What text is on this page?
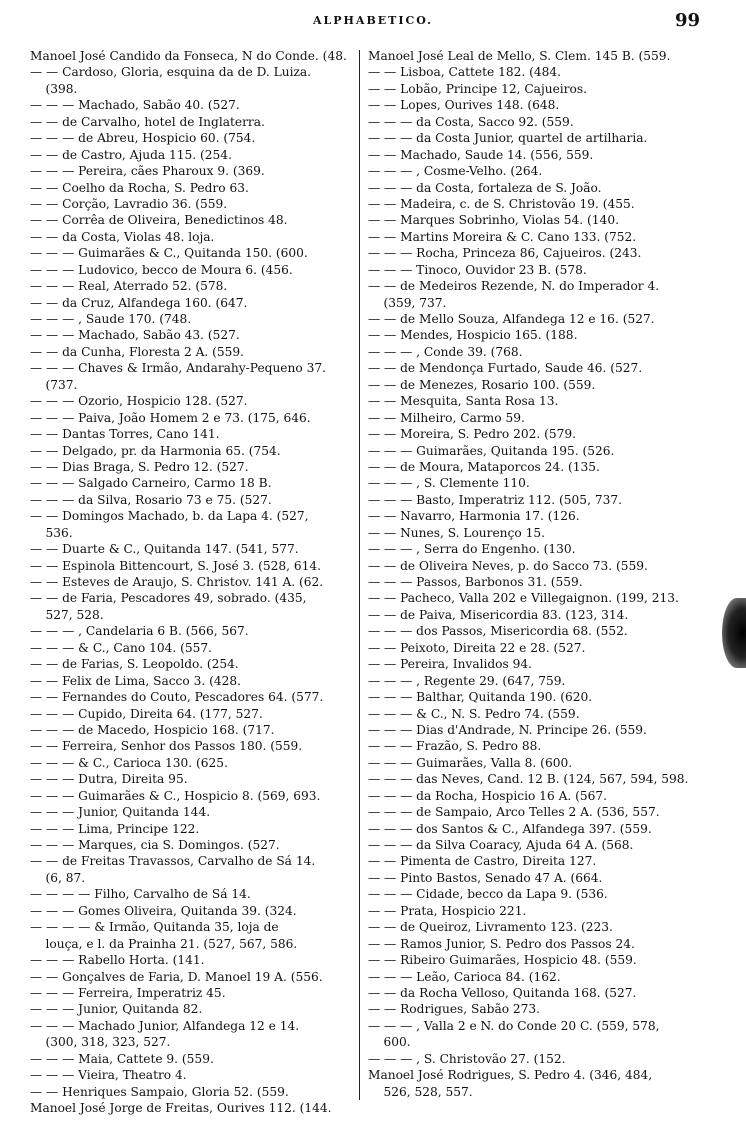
ALPHABETICO.	99
Manoel José Candido da Fonseca, N do Conde. (48.
— — Cardoso, Gloria, esquina da de D. Luiza.
(398.
— — — Machado, Sabão 40. (527.
— — de Carvalho, hotel de Inglaterra.
— — — de Abreu, Hospicio 60. (754.
— — de Castro, Ajuda 115. (254.
— — — Pereira, cães Pharoux 9. (369.
— — Coelho da Rocha, S. Pedro 63.
— — Corção, Lavradio 36. (559.
— — Corrêa de Oliveira, Benedictinos 48.
— — da Costa, Violas 48. loja.
— — — Guimarães & C., Quitanda 150. (600.
— — — Ludovico, becco de Moura 6. (456.
— — — Real, Aterrado 52. (578.
— — da Cruz, Alfandega 160. (647.
— — — , Saude 170. (748.
— — — Machado, Sabão 43. (527.
— — da Cunha, Floresta 2 A. (559.
— — — Chaves & Irmão, Andarahy-Pequeno 37.
(737.
— — — Ozorio, Hospicio 128. (527.
— — — Paiva, João Homem 2 e 73. (175, 646.
— — Dantas Torres, Cano 141.
— — Delgado, pr. da Harmonia 65. (754.
— — Dias Braga, S. Pedro 12. (527.
— — — Salgado Carneiro, Carmo 18 B.
— — — da Silva, Rosario 73 e 75. (527.
— — Domingos Machado, b. da Lapa 4. (527,
536.
— — Duarte & C., Quitanda 147. (541, 577.
— — Espinola Bittencourt, S. José 3. (528, 614.
— — Esteves de Araujo, S. Christov. 141 A. (62.
— — de Faria, Pescadores 49, sobrado. (435,
527, 528.
— — — , Candelaria 6 B. (566, 567.
— — — & C., Cano 104. (557.
— — de Farias, S. Leopoldo. (254.
— — Felix de Lima, Sacco 3. (428.
— — Fernandes do Couto, Pescadores 64. (577.
— — — Cupido, Direita 64. (177, 527.
— — — de Macedo, Hospicio 168. (717.
— — Ferreira, Senhor dos Passos 180. (559.
— — — & C., Carioca 130. (625.
— — — Dutra, Direita 95.
— — — Guimarães & C., Hospicio 8. (569, 693.
— — — Junior, Quitanda 144.
— — — Lima, Principe 122.
— — — Marques, cia S. Domingos. (527.
— — de Freitas Travassos, Carvalho de Sá 14.
(6, 87.
— — — — Filho, Carvalho de Sá 14.
— — — Gomes Oliveira, Quitanda 39. (324.
— — — — & Irmão, Quitanda 35, loja de
louça, e l. da Prainha 21. (527, 567, 586.
— — — Rabello Horta. (141.
— — Gonçalves de Faria, D. Manoel 19 A. (556.
— — — Ferreira, Imperatriz 45.
— — — Junior, Quitanda 82.
— — — Machado Junior, Alfandega 12 e 14.
(300, 318, 323, 527.
— — — Maia, Cattete 9. (559.
— — — Vieira, Theatro 4.
— — Henriques Sampaio, Gloria 52. (559.
Manoel José Jorge de Freitas, Ourives 112. (144.
Manoel José Leal de Mello, S. Clem. 145 B. (559.
— — Lisboa, Cattete 182. (484.
— — Lobão, Principe 12, Cajueiros.
— — Lopes, Ourives 148. (648.
— — — da Costa, Sacco 92. (559.
— — — da Costa Junior, quartel de artilharia.
— — Machado, Saude 14. (556, 559.
— — — , Cosme-Velho. (264.
— — — da Costa, fortaleza de S. João.
— — Madeira, c. de S. Christovão 19. (455.
— — Marques Sobrinho, Violas 54. (140.
— — Martins Moreira & C. Cano 133. (752.
— — — Rocha, Princeza 86, Cajueiros. (243.
— — — Tinoco, Ouvidor 23 B. (578.
— — de Medeiros Rezende, N. do Imperador 4.
(359, 737.
— — de Mello Souza, Alfandega 12 e 16. (527.
— — Mendes, Hospicio 165. (188.
— — — , Conde 39. (768.
— — de Mendonça Furtado, Saude 46. (527.
— — de Menezes, Rosario 100. (559.
— — Mesquita, Santa Rosa 13.
— — Milheiro, Carmo 59.
— — Moreira, S. Pedro 202. (579.
— — — Guimarães, Quitanda 195. (526.
— — de Moura, Mataporcos 24. (135.
— — — , S. Clemente 110.
— — — Basto, Imperatriz 112. (505, 737.
— — Navarro, Harmonia 17. (126.
— — Nunes, S. Lourenço 15.
— — — , Serra do Engenho. (130.
— — de Oliveira Neves, p. do Sacco 73. (559.
— — — Passos, Barbonos 31. (559.
— — Pacheco, Valla 202 e Villegaignon. (199, 213.
— — de Paiva, Misericordia 83. (123, 314.
— — — dos Passos, Misericordia 68. (552.
— — Peixoto, Direita 22 e 28. (527.
— — Pereira, Invalidos 94.
— — — , Regente 29. (647, 759.
— — — Balthar, Quitanda 190. (620.
— — — & C., N. S. Pedro 74. (559.
— — — Dias d'Andrade, N. Principe 26. (559.
— — — Frazão, S. Pedro 88.
— — — Guimarães, Valla 8. (600.
— — — das Neves, Cand. 12 B. (124, 567, 594, 598.
— — — da Rocha, Hospicio 16 A. (567.
— — — de Sampaio, Arco Telles 2 A. (536, 557.
— — — dos Santos & C., Alfandega 397. (559.
— — — da Silva Coaracy, Ajuda 64 A. (568.
— — Pimenta de Castro, Direita 127.
— — Pinto Bastos, Senado 47 A. (664.
— — — Cidade, becco da Lapa 9. (536.
— — Prata, Hospicio 221.
— — de Queiroz, Livramento 123. (223.
— — Ramos Junior, S. Pedro dos Passos 24.
— — Ribeiro Guimarães, Hospicio 48. (559.
— — — Leão, Carioca 84. (162.
— — da Rocha Velloso, Quitanda 168. (527.
— — Rodrigues, Sabão 273.
— — — , Valla 2 e N. do Conde 20 C. (559, 578,
600.
— — — , S. Christovão 27. (152.
Manoel José Rodrigues, S. Pedro 4. (346, 484,
526, 528, 557.
